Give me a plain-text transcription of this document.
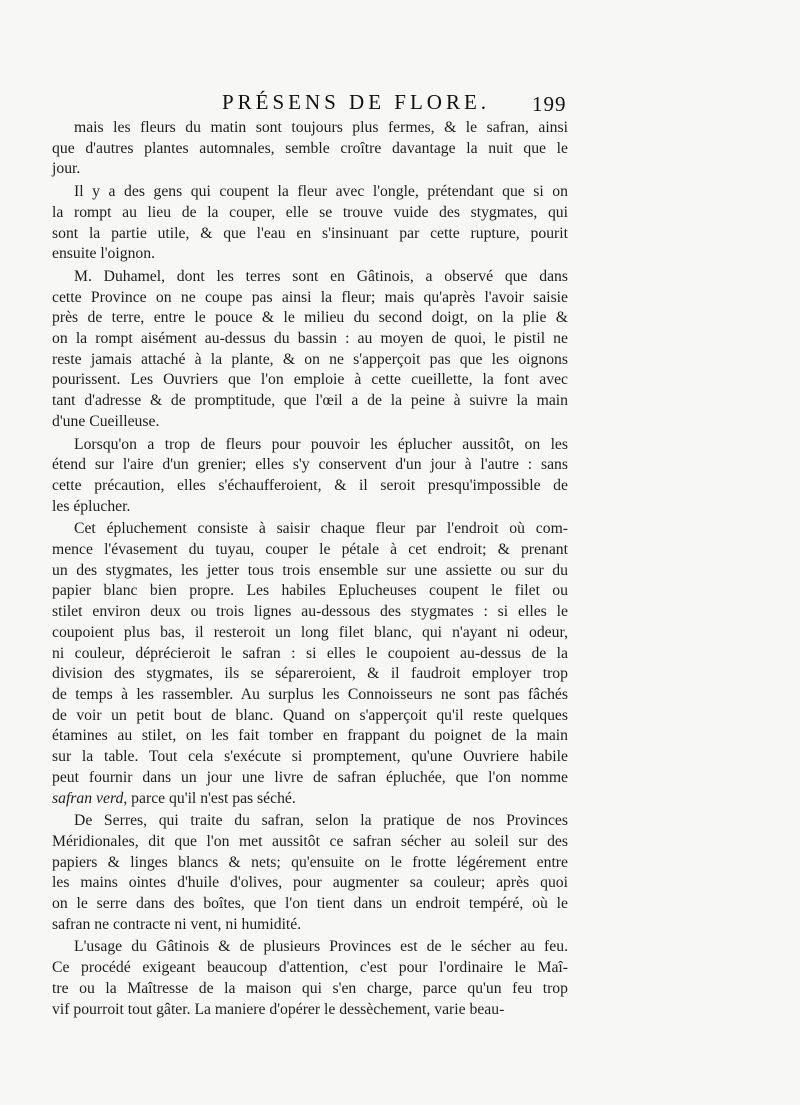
PRÉSENS DE FLORE.	199
mais les fleurs du matin sont toujours plus fermes, & le safran, ainsi
que d'autres plantes automnales, semble croître davantage la nuit que le
jour.
Il y a des gens qui coupent la fleur avec l'ongle, prétendant que si on
la rompt au lieu de la couper, elle se trouve vuide des stygmates, qui
sont la partie utile, & que l'eau en s'insinuant par cette rupture, pourit
ensuite l'oignon.
M. Duhamel, dont les terres sont en Gâtinois, a observé que dans
cette Province on ne coupe pas ainsi la fleur; mais qu'après l'avoir saisie
près de terre, entre le pouce & le milieu du second doigt, on la plie &
on la rompt aisément au-dessus du bassin : au moyen de quoi, le pistil ne
reste jamais attaché à la plante, & on ne s'apperçoit pas que les oignons
pourissent. Les Ouvriers que l'on emploie à cette cueillette, la font avec
tant d'adresse & de promptitude, que l'œil a de la peine à suivre la main
d'une Cueilleuse.
Lorsqu'on a trop de fleurs pour pouvoir les éplucher aussitôt, on les
étend sur l'aire d'un grenier; elles s'y conservent d'un jour à l'autre : sans
cette précaution, elles s'échaufferoient, & il seroit presqu'impossible de
les éplucher.
Cet épluchement consiste à saisir chaque fleur par l'endroit où com-
mence l'évasement du tuyau, couper le pétale à cet endroit; & prenant
un des stygmates, les jetter tous trois ensemble sur une assiette ou sur du
papier blanc bien propre. Les habiles Eplucheuses coupent le filet ou
stilet environ deux ou trois lignes au-dessous des stygmates : si elles le
coupoient plus bas, il resteroit un long filet blanc, qui n'ayant ni odeur,
ni couleur, déprécieroit le safran : si elles le coupoient au-dessus de la
division des stygmates, ils se sépareroient, & il faudroit employer trop
de temps à les rassembler. Au surplus les Connoisseurs ne sont pas fâchés
de voir un petit bout de blanc. Quand on s'apperçoit qu'il reste quelques
étamines au stilet, on les fait tomber en frappant du poignet de la main
sur la table. Tout cela s'exécute si promptement, qu'une Ouvriere habile
peut fournir dans un jour une livre de safran épluchée, que l'on nomme
safran verd, parce qu'il n'est pas séché.
De Serres, qui traite du safran, selon la pratique de nos Provinces
Méridionales, dit que l'on met aussitôt ce safran sécher au soleil sur des
papiers & linges blancs & nets; qu'ensuite on le frotte légérement entre
les mains ointes d'huile d'olives, pour augmenter sa couleur; après quoi
on le serre dans des boîtes, que l'on tient dans un endroit tempéré, où le
safran ne contracte ni vent, ni humidité.
L'usage du Gâtinois & de plusieurs Provinces est de le sécher au feu.
Ce procédé exigeant beaucoup d'attention, c'est pour l'ordinaire le Maî-
tre ou la Maîtresse de la maison qui s'en charge, parce qu'un feu trop
vif pourroit tout gâter. La maniere d'opérer le dessèchement, varie beau-
